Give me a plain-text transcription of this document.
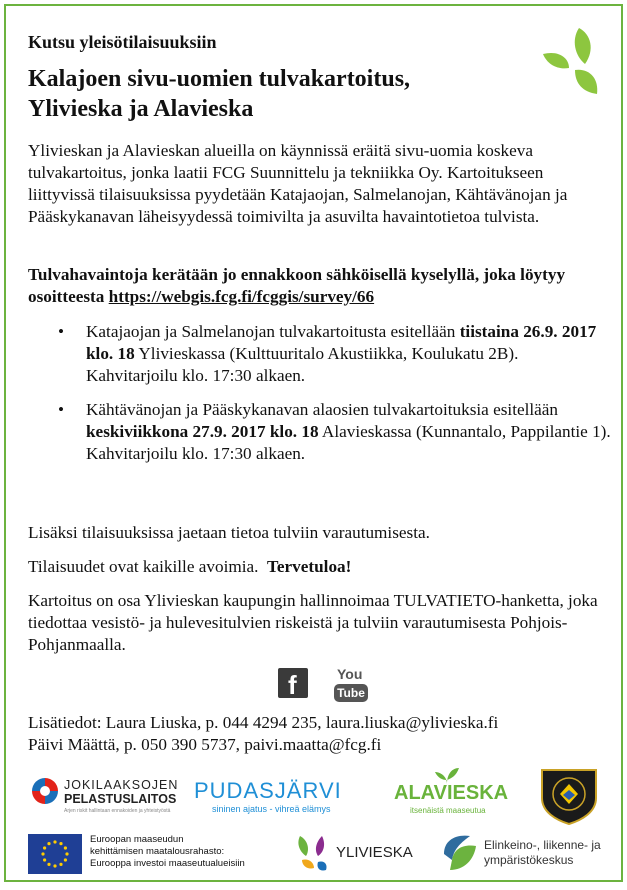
Kutsu yleisötilaisuuksiin
Kalajoen sivu-uomien tulvakartoitus,
Ylivieska ja Alavieska
Ylivieskan ja Alavieskan alueilla on käynnissä eräitä sivu-uomia koskeva tulvakartoitus, jonka laatii FCG Suunnittelu ja tekniikka Oy. Kartoitukseen liittyvissä tilaisuuksissa pyydetään Katajaojan, Salmelanojan, Kähtävänojan ja Pääskykanavan läheisyydessä toimivilta ja asuvilta havaintotietoa tulvista.
Tulvahavaintoja kerätään jo ennakkoon sähköisellä kyselyllä, joka löytyy osoitteesta https://webgis.fcg.fi/fcggis/survey/66
• Katajaojan ja Salmelanojan tulvakartoitusta esitellään tiistaina 26.9. 2017 klo. 18 Ylivieskassa (Kulttuuritalo Akustiikka, Koulukatu 2B). Kahvitarjoilu klo. 17:30 alkaen.
• Kähtävänojan ja Pääskykanavan alaosien tulvakartoituksia esitellään keskiviikkona 27.9. 2017 klo. 18 Alavieskassa (Kunnantalo, Pappilantie 1). Kahvitarjoilu klo. 17:30 alkaen.
Lisäksi tilaisuuksissa jaetaan tietoa tulviin varautumisesta.
Tilaisuudet ovat kaikille avoimia. Tervetuloa!
Kartoitus on osa Ylivieskan kaupungin hallinnoimaa TULVATIETO-hanketta, joka tiedottaa vesistö- ja hulevesitulvien riskeistä ja tulviin varautumisesta Pohjois-Pohjanmaalla.
f	You
Tube
Lisätiedot: Laura Liuska, p. 044 4294 235, laura.liuska@ylivieska.fi
Päivi Määttä, p. 050 390 5737, paivi.maatta@fcg.fi
JOKILAAKSOJEN
PELASTUSLAITOS
Arjen riskit hallintaan ennakoiden ja yhteistyöstä
PUDASJÄRVI
sininen ajatus - vihreä elämys
ALAVIESKA
itsenäistä maaseutua
Euroopan maaseudun
kehittämisen maatalousrahasto:
Eurooppa investoi maaseutualueisiin
YLIVIESKA	Elinkeino-, liikenne- ja
ympäristökeskus
